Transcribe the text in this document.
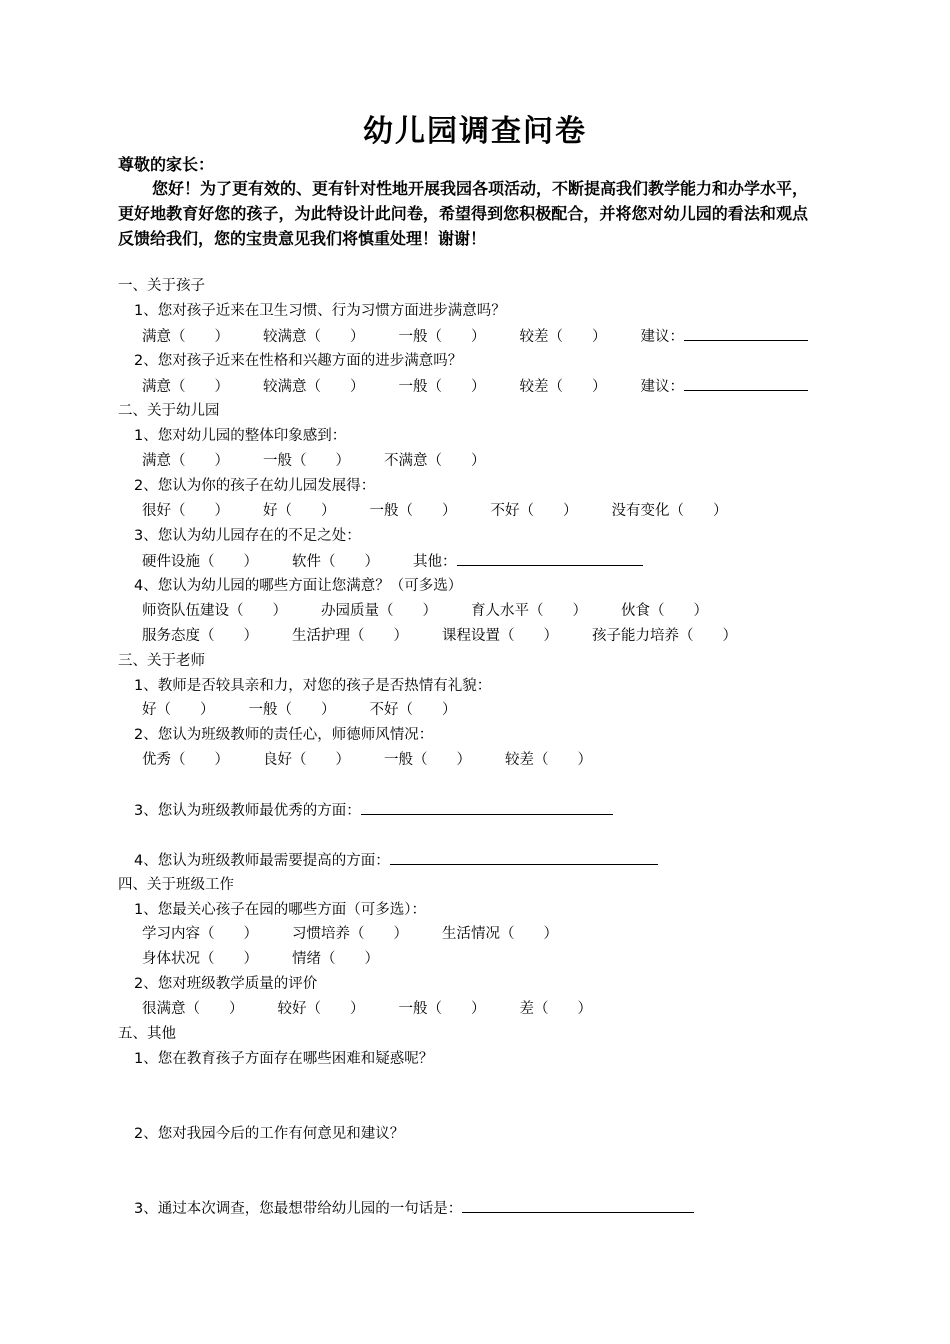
幼儿园调查问卷
尊敬的家长：
您好！为了更有效的、更有针对性地开展我园各项活动，不断提高我们教学能力和办学水平，更好地教育好您的孩子，为此特设计此问卷，希望得到您积极配合，并将您对幼儿园的看法和观点反馈给我们，您的宝贵意见我们将慎重处理！谢谢！
一、关于孩子
1、您对孩子近来在卫生习惯、行为习惯方面进步满意吗？
满意（　　） 较满意（　　） 一般（　　） 较差（　　） 建议：
2、您对孩子近来在性格和兴趣方面的进步满意吗？
满意（　　） 较满意（　　） 一般（　　） 较差（　　） 建议：
二、关于幼儿园
1、您对幼儿园的整体印象感到：
满意（　　） 一般（　　） 不满意（　　）
2、您认为你的孩子在幼儿园发展得：
很好（　　） 好（　　） 一般（　　） 不好（　　） 没有变化（　　）
3、您认为幼儿园存在的不足之处：
硬件设施（　　） 软件（　　） 其他：
4、您认为幼儿园的哪些方面让您满意？（可多选）
师资队伍建设（　　） 办园质量（　　） 育人水平（　　） 伙食（　　）
服务态度（　　） 生活护理（　　） 课程设置（　　） 孩子能力培养（　　）
三、关于老师
1、教师是否较具亲和力，对您的孩子是否热情有礼貌：
好（　　） 一般（　　） 不好（　　）
2、您认为班级教师的责任心，师德师风情况：
优秀（　　） 良好（　　） 一般（　　） 较差（　　）
3、您认为班级教师最优秀的方面：
4、您认为班级教师最需要提高的方面：
四、关于班级工作
1、您最关心孩子在园的哪些方面（可多选）：
学习内容（　　） 习惯培养（　　） 生活情况（　　）
身体状况（　　） 情绪（　　）
2、您对班级教学质量的评价
很满意（　　） 较好（　　） 一般（　　） 差（　　）
五、其他
1、您在教育孩子方面存在哪些困难和疑惑呢？
2、您对我园今后的工作有何意见和建议？
3、通过本次调查，您最想带给幼儿园的一句话是：
